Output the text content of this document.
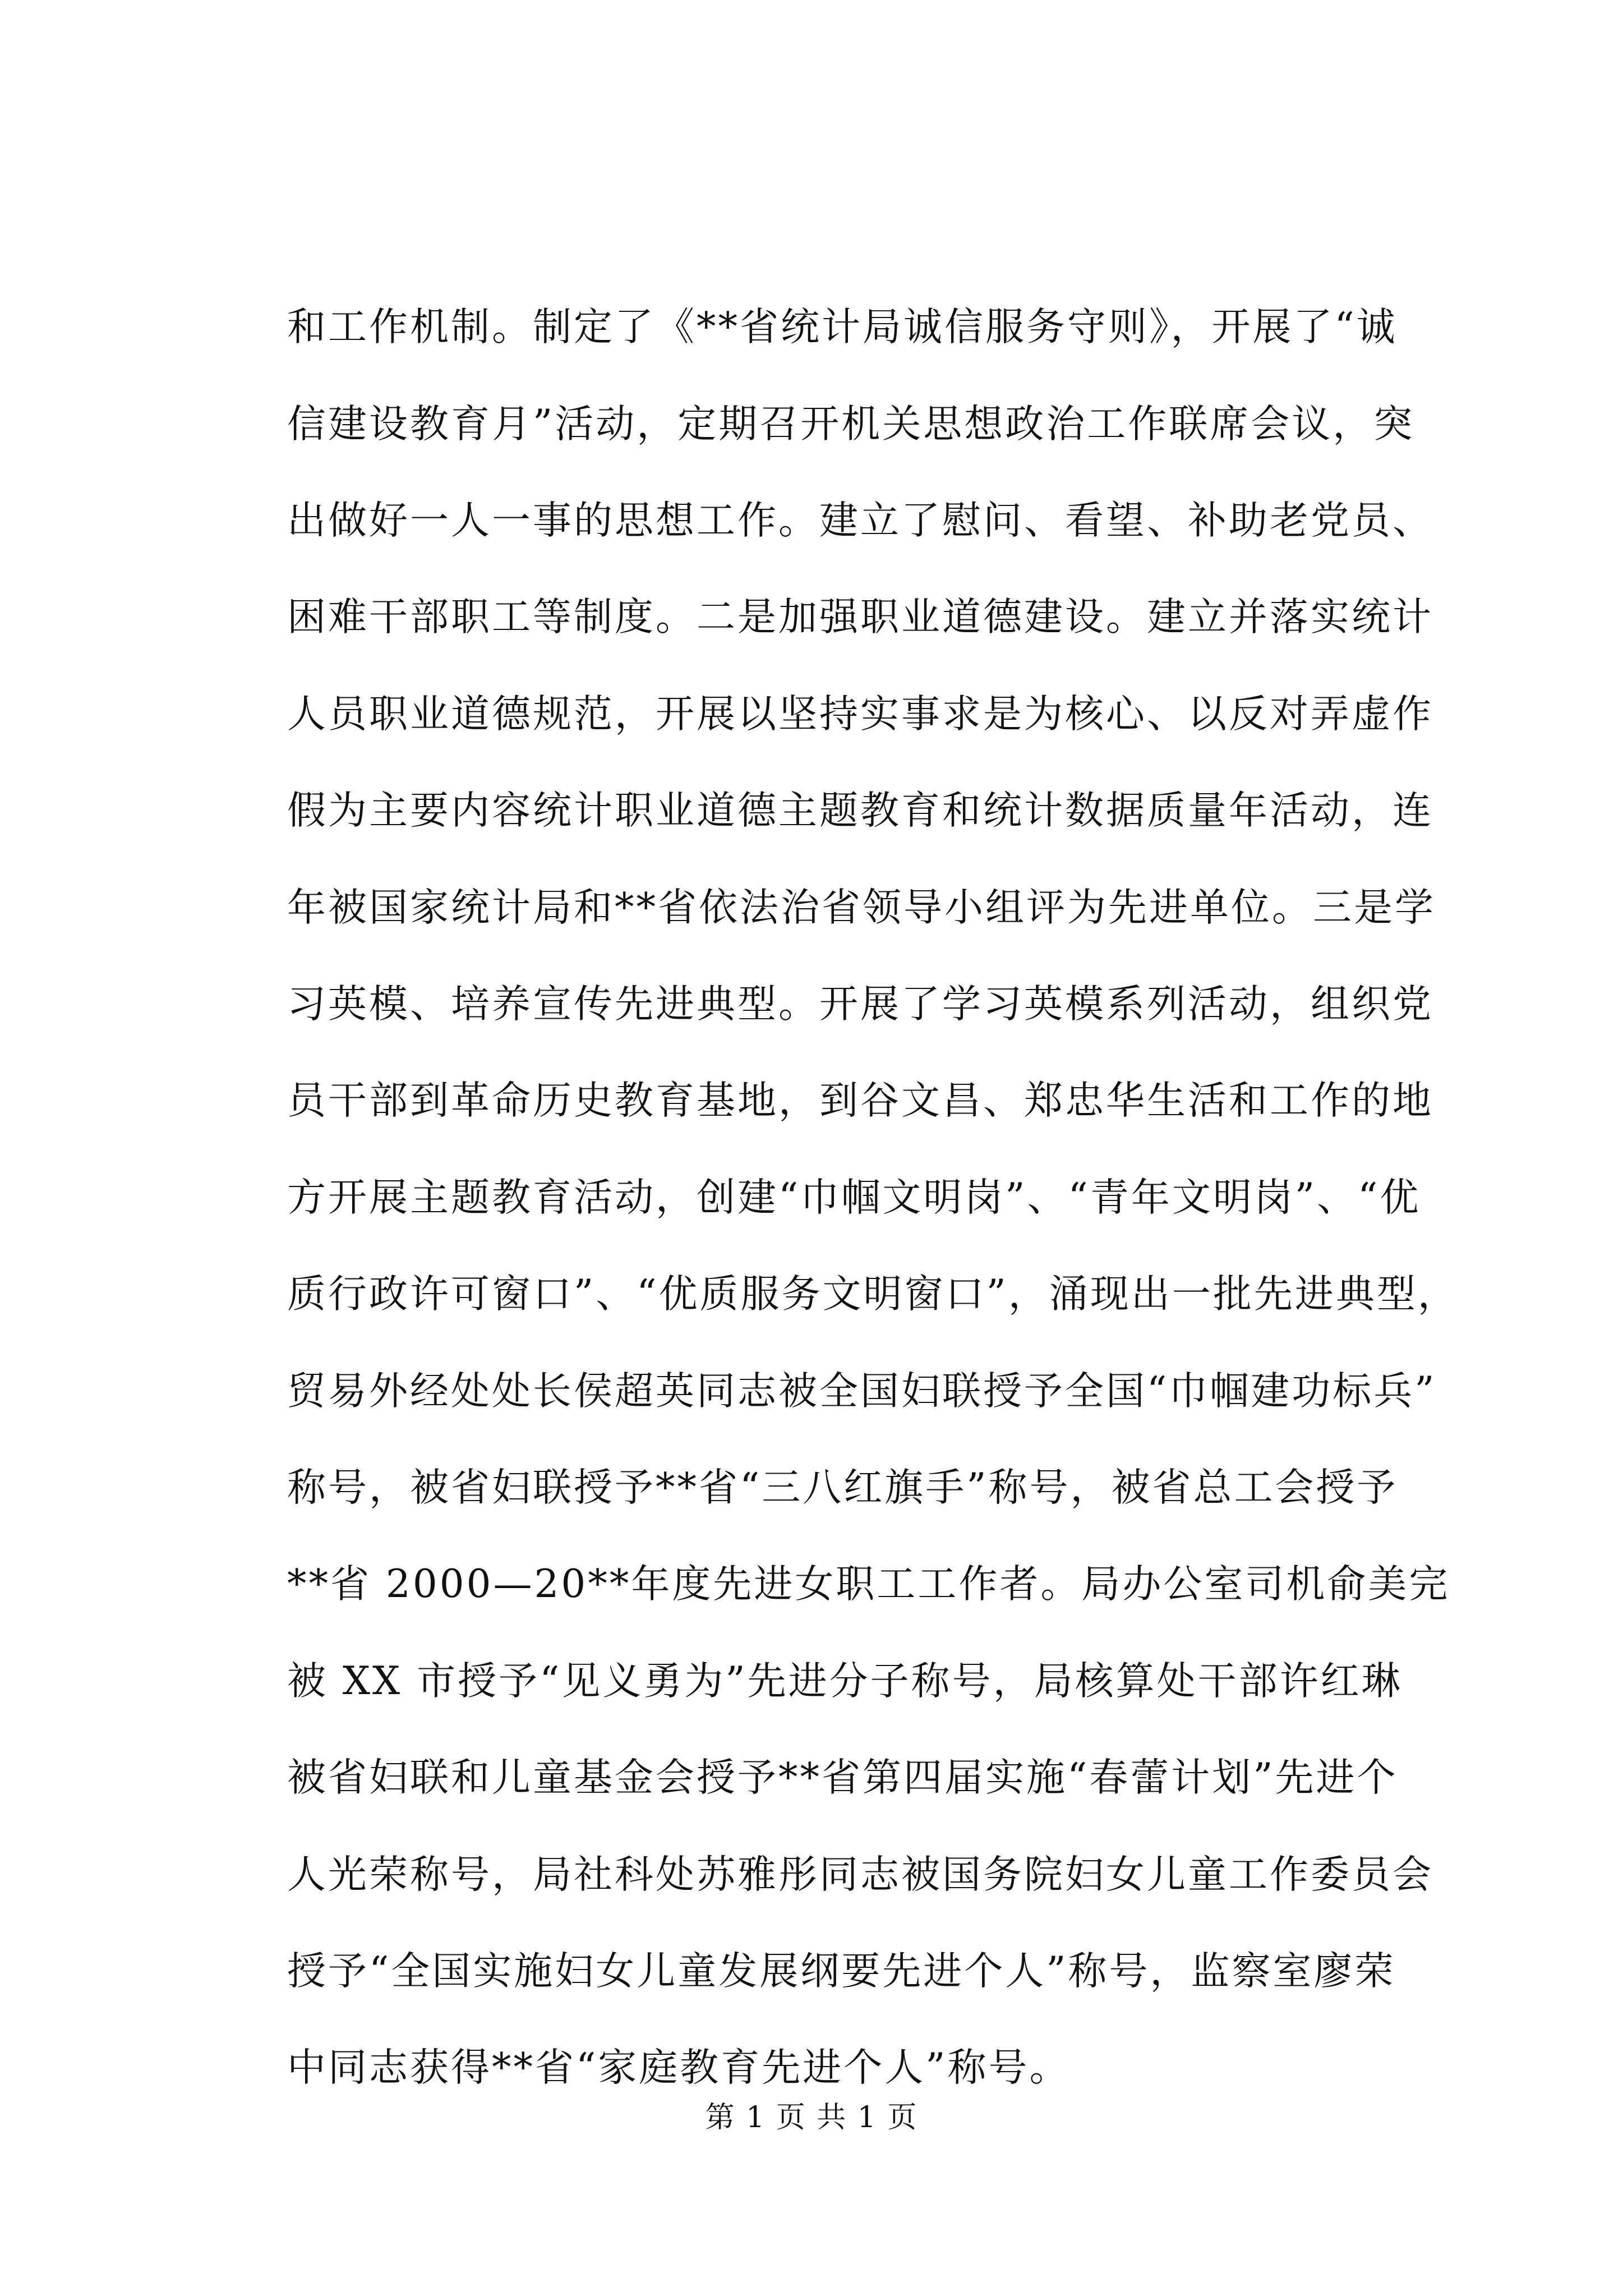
和工作机制。制定了《**省统计局诚信服务守则》，开展了“诚
信建设教育月”活动，定期召开机关思想政治工作联席会议，突
出做好一人一事的思想工作。建立了慰问、看望、补助老党员、
困难干部职工等制度。二是加强职业道德建设。建立并落实统计
人员职业道德规范，开展以坚持实事求是为核心、以反对弄虚作
假为主要内容统计职业道德主题教育和统计数据质量年活动，连
年被国家统计局和**省依法治省领导小组评为先进单位。三是学
习英模、培养宣传先进典型。开展了学习英模系列活动，组织党
员干部到革命历史教育基地，到谷文昌、郑忠华生活和工作的地
方开展主题教育活动，创建“巾帼文明岗”、“青年文明岗”、“优
质行政许可窗口”、“优质服务文明窗口”，涌现出一批先进典型，
贸易外经处处长侯超英同志被全国妇联授予全国“巾帼建功标兵”
称号，被省妇联授予**省“三八红旗手”称号，被省总工会授予
**省 2000—20**年度先进女职工工作者。局办公室司机俞美完
被 XX 市授予“见义勇为”先进分子称号，局核算处干部许红琳
被省妇联和儿童基金会授予**省第四届实施“春蕾计划”先进个
人光荣称号，局社科处苏雅彤同志被国务院妇女儿童工作委员会
授予“全国实施妇女儿童发展纲要先进个人”称号，监察室廖荣
中同志获得**省“家庭教育先进个人”称号。
第 1 页 共 1 页
